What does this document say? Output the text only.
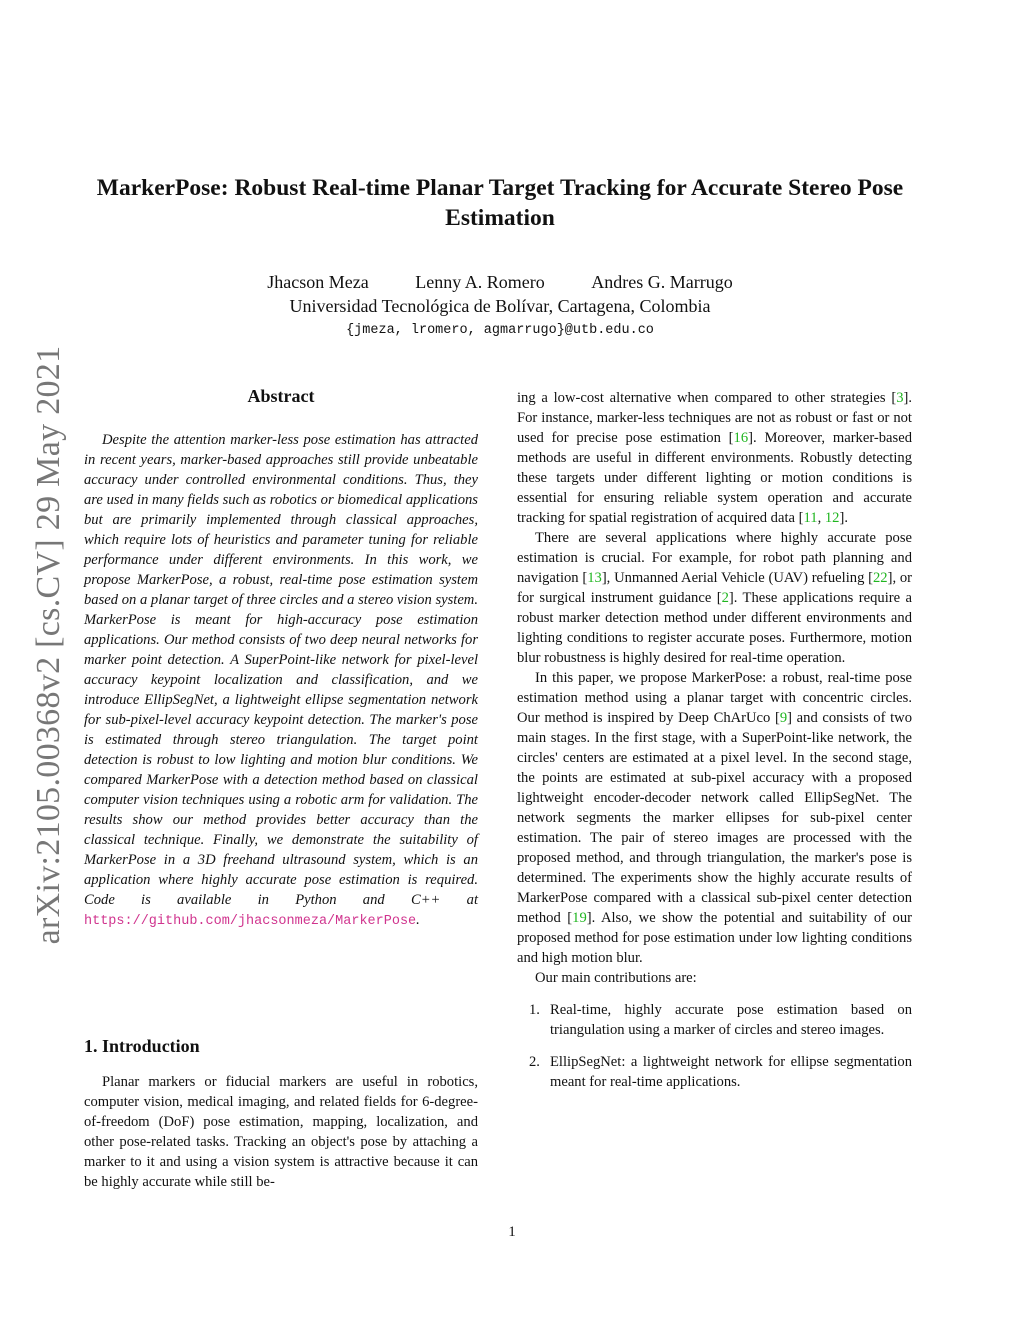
arXiv:2105.00368v2 [cs.CV] 29 May 2021
MarkerPose: Robust Real-time Planar Target Tracking for Accurate Stereo Pose Estimation
Jhacson Meza	Lenny A. Romero	Andres G. Marrugo
Universidad Tecnológica de Bolívar, Cartagena, Colombia
{jmeza, lromero, agmarrugo}@utb.edu.co
Abstract

Despite the attention marker-less pose estimation has attracted in recent years, marker-based approaches still provide unbeatable accuracy under controlled environmental conditions. Thus, they are used in many fields such as robotics or biomedical applications but are primarily implemented through classical approaches, which require lots of heuristics and parameter tuning for reliable performance under different environments. In this work, we propose MarkerPose, a robust, real-time pose estimation system based on a planar target of three circles and a stereo vision system. MarkerPose is meant for high-accuracy pose estimation applications. Our method consists of two deep neural networks for marker point detection. A SuperPoint-like network for pixel-level accuracy keypoint localization and classification, and we introduce EllipSegNet, a lightweight ellipse segmentation network for sub-pixel-level accuracy keypoint detection. The marker's pose is estimated through stereo triangulation. The target point detection is robust to low lighting and motion blur conditions. We compared MarkerPose with a detection method based on classical computer vision techniques using a robotic arm for validation. The results show our method provides better accuracy than the classical technique. Finally, we demonstrate the suitability of MarkerPose in a 3D freehand ultrasound system, which is an application where highly accurate pose estimation is required. Code is available in Python and C++ at https://github.com/jhacsonmeza/MarkerPose.

1. Introduction

Planar markers or fiducial markers are useful in robotics, computer vision, medical imaging, and related fields for 6-degree-of-freedom (DoF) pose estimation, mapping, localization, and other pose-related tasks. Tracking an object's pose by attaching a marker to it and using a vision system is attractive because it can be highly accurate while still be-

ing a low-cost alternative when compared to other strategies [3]. For instance, marker-less techniques are not as robust or fast or not used for precise pose estimation [16]. Moreover, marker-based methods are useful in different environments. Robustly detecting these targets under different lighting or motion conditions is essential for ensuring reliable system operation and accurate tracking for spatial registration of acquired data [11, 12].

There are several applications where highly accurate pose estimation is crucial. For example, for robot path planning and navigation [13], Unmanned Aerial Vehicle (UAV) refueling [22], or for surgical instrument guidance [2]. These applications require a robust marker detection method under different environments and lighting conditions to register accurate poses. Furthermore, motion blur robustness is highly desired for real-time operation.

In this paper, we propose MarkerPose: a robust, real-time pose estimation method using a planar target with concentric circles. Our method is inspired by Deep ChArUco [9] and consists of two main stages. In the first stage, with a SuperPoint-like network, the circles' centers are estimated at a pixel level. In the second stage, the points are estimated at sub-pixel accuracy with a proposed lightweight encoder-decoder network called EllipSegNet. The network segments the marker ellipses for sub-pixel center estimation. The pair of stereo images are processed with the proposed method, and through triangulation, the marker's pose is determined. The experiments show the highly accurate results of MarkerPose compared with a classical sub-pixel center detection method [19]. Also, we show the potential and suitability of our proposed method for pose estimation under low lighting conditions and high motion blur.

Our main contributions are:

1. Real-time, highly accurate pose estimation based on triangulation using a marker of circles and stereo images.
2. EllipSegNet: a lightweight network for ellipse segmentation meant for real-time applications.
1
